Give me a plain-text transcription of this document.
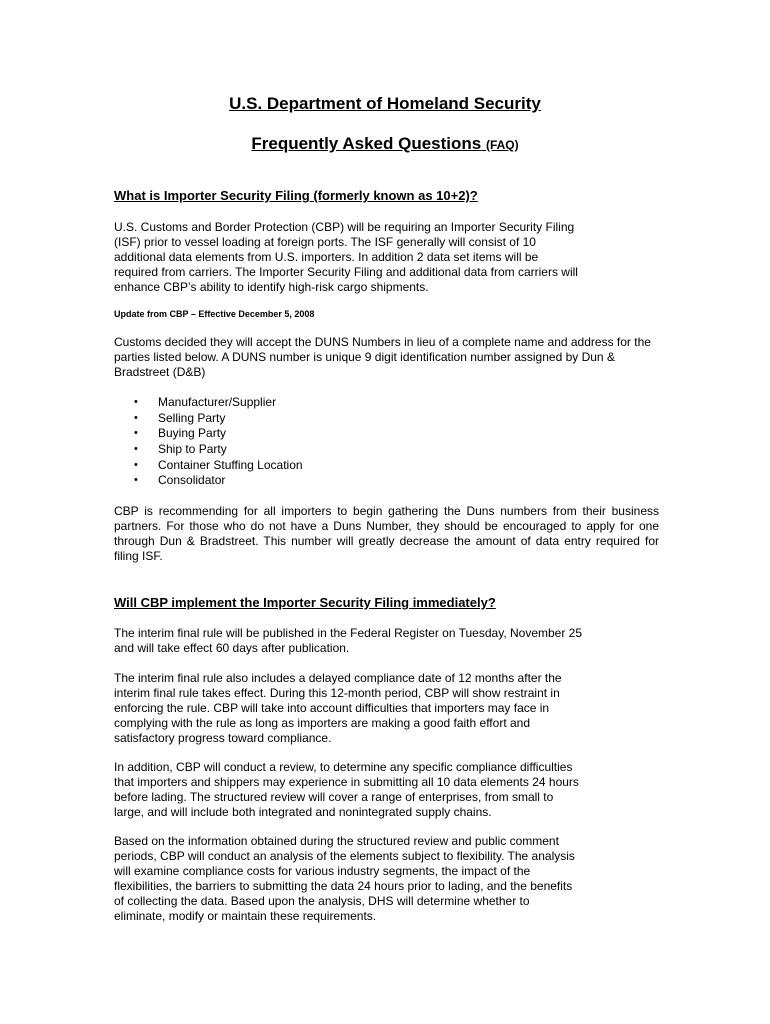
U.S. Department of Homeland Security
Frequently Asked Questions (FAQ)
What is Importer Security Filing (formerly known as 10+2)?
U.S. Customs and Border Protection (CBP) will be requiring an Importer Security Filing
(ISF) prior to vessel loading at foreign ports. The ISF generally will consist of 10
additional data elements from U.S. importers. In addition 2 data set items will be
required from carriers. The Importer Security Filing and additional data from carriers will
enhance CBP’s ability to identify high-risk cargo shipments.
Update from CBP – Effective December 5, 2008

Customs decided they will accept the DUNS Numbers in lieu of a complete name and address for the parties listed below. A DUNS number is unique 9 digit identification number assigned by Dun & Bradstreet (D&B)

• Manufacturer/Supplier
• Selling Party
• Buying Party
• Ship to Party
• Container Stuffing Location
• Consolidator

CBP is recommending for all importers to begin gathering the Duns numbers from their business partners. For those who do not have a Duns Number, they should be encouraged to apply for one through Dun & Bradstreet. This number will greatly decrease the amount of data entry required for filing ISF.

Will CBP implement the Importer Security Filing immediately?
The interim final rule will be published in the Federal Register on Tuesday, November 25
and will take effect 60 days after publication.
The interim final rule also includes a delayed compliance date of 12 months after the
interim final rule takes effect. During this 12-month period, CBP will show restraint in
enforcing the rule. CBP will take into account difficulties that importers may face in
complying with the rule as long as importers are making a good faith effort and
satisfactory progress toward compliance.
In addition, CBP will conduct a review, to determine any specific compliance difficulties
that importers and shippers may experience in submitting all 10 data elements 24 hours
before lading. The structured review will cover a range of enterprises, from small to
large, and will include both integrated and nonintegrated supply chains.
Based on the information obtained during the structured review and public comment
periods, CBP will conduct an analysis of the elements subject to flexibility. The analysis
will examine compliance costs for various industry segments, the impact of the
flexibilities, the barriers to submitting the data 24 hours prior to lading, and the benefits
of collecting the data. Based upon the analysis, DHS will determine whether to
eliminate, modify or maintain these requirements.
